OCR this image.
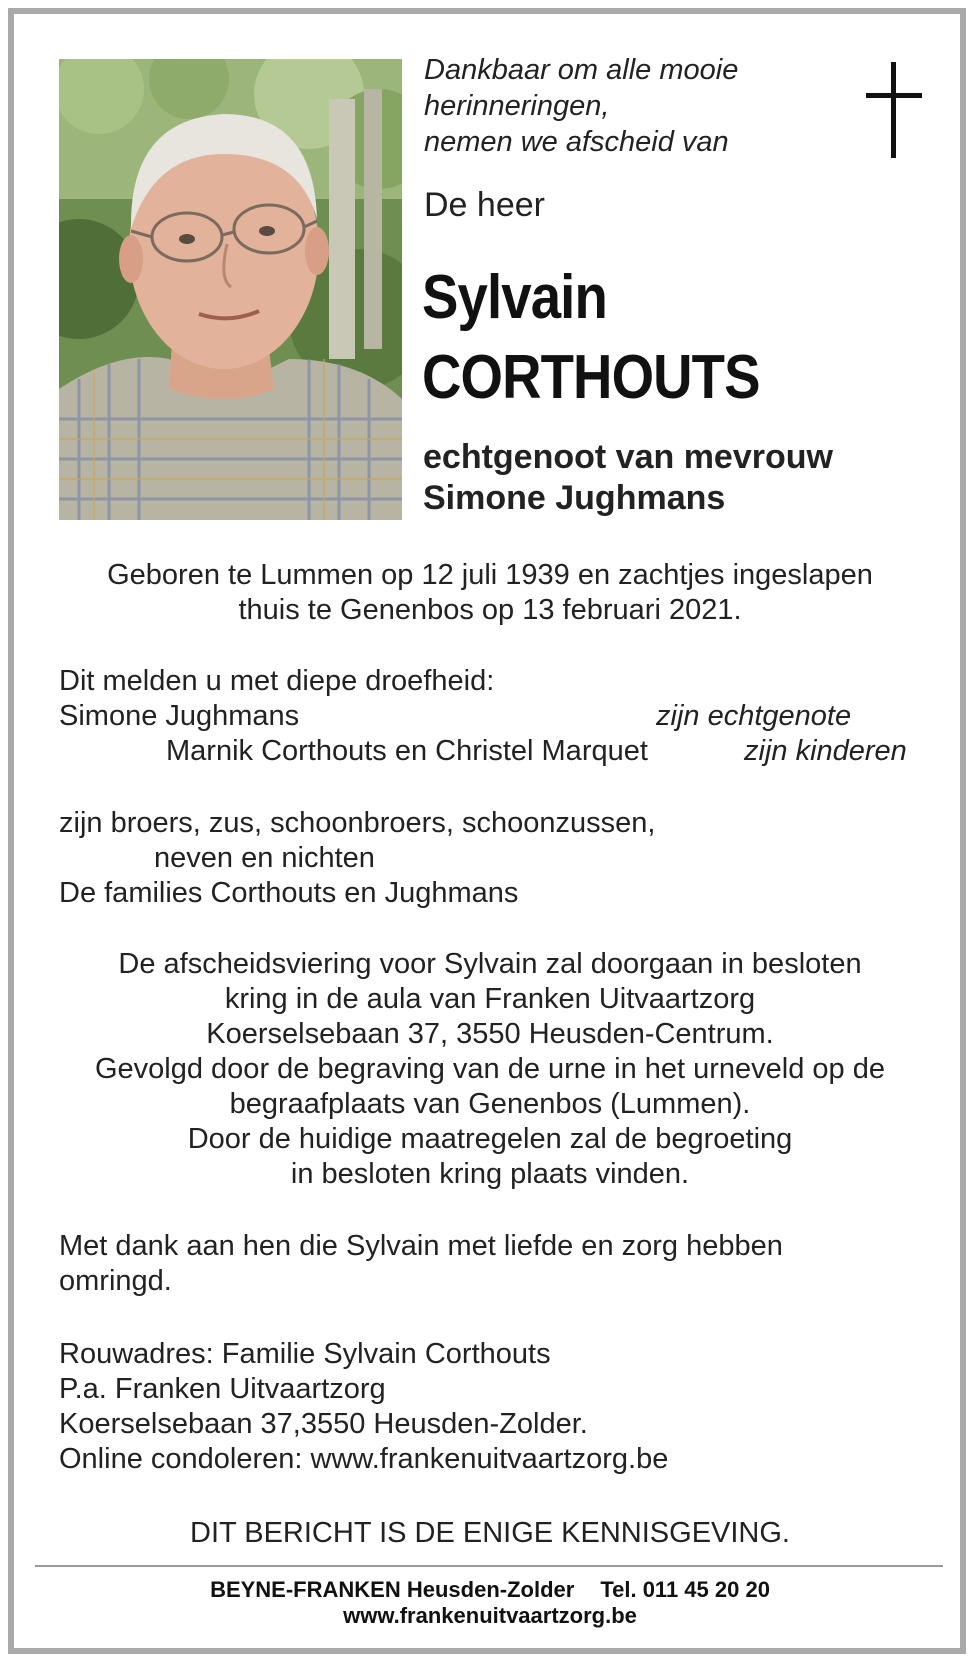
Dankbaar om alle mooie
herinneringen,
nemen we afscheid van
De heer
Sylvain
CORTHOUTS
echtgenoot van mevrouw
Simone Jughmans
Geboren te Lummen op 12 juli 1939 en zachtjes ingeslapen
thuis te Genenbos op 13 februari 2021.
Dit melden u met diepe droefheid:
Simone Jughmans	zijn echtgenote
Marnik Corthouts en Christel Marquet	zijn kinderen
zijn broers, zus, schoonbroers, schoonzussen,
neven en nichten
De families Corthouts en Jughmans
De afscheidsviering voor Sylvain zal doorgaan in besloten
kring in de aula van Franken Uitvaartzorg
Koerselsebaan 37, 3550 Heusden-Centrum.
Gevolgd door de begraving van de urne in het urneveld op de
begraafplaats van Genenbos (Lummen).
Door de huidige maatregelen zal de begroeting
in besloten kring plaats vinden.
Met dank aan hen die Sylvain met liefde en zorg hebben
omringd.
Rouwadres: Familie Sylvain Corthouts
P.a. Franken Uitvaartzorg
Koerselsebaan 37,3550 Heusden-Zolder.
Online condoleren: www.frankenuitvaartzorg.be
DIT BERICHT IS DE ENIGE KENNISGEVING.
BEYNE-FRANKEN Heusden-Zolder Tel. 011 45 20 20
www.frankenuitvaartzorg.be
